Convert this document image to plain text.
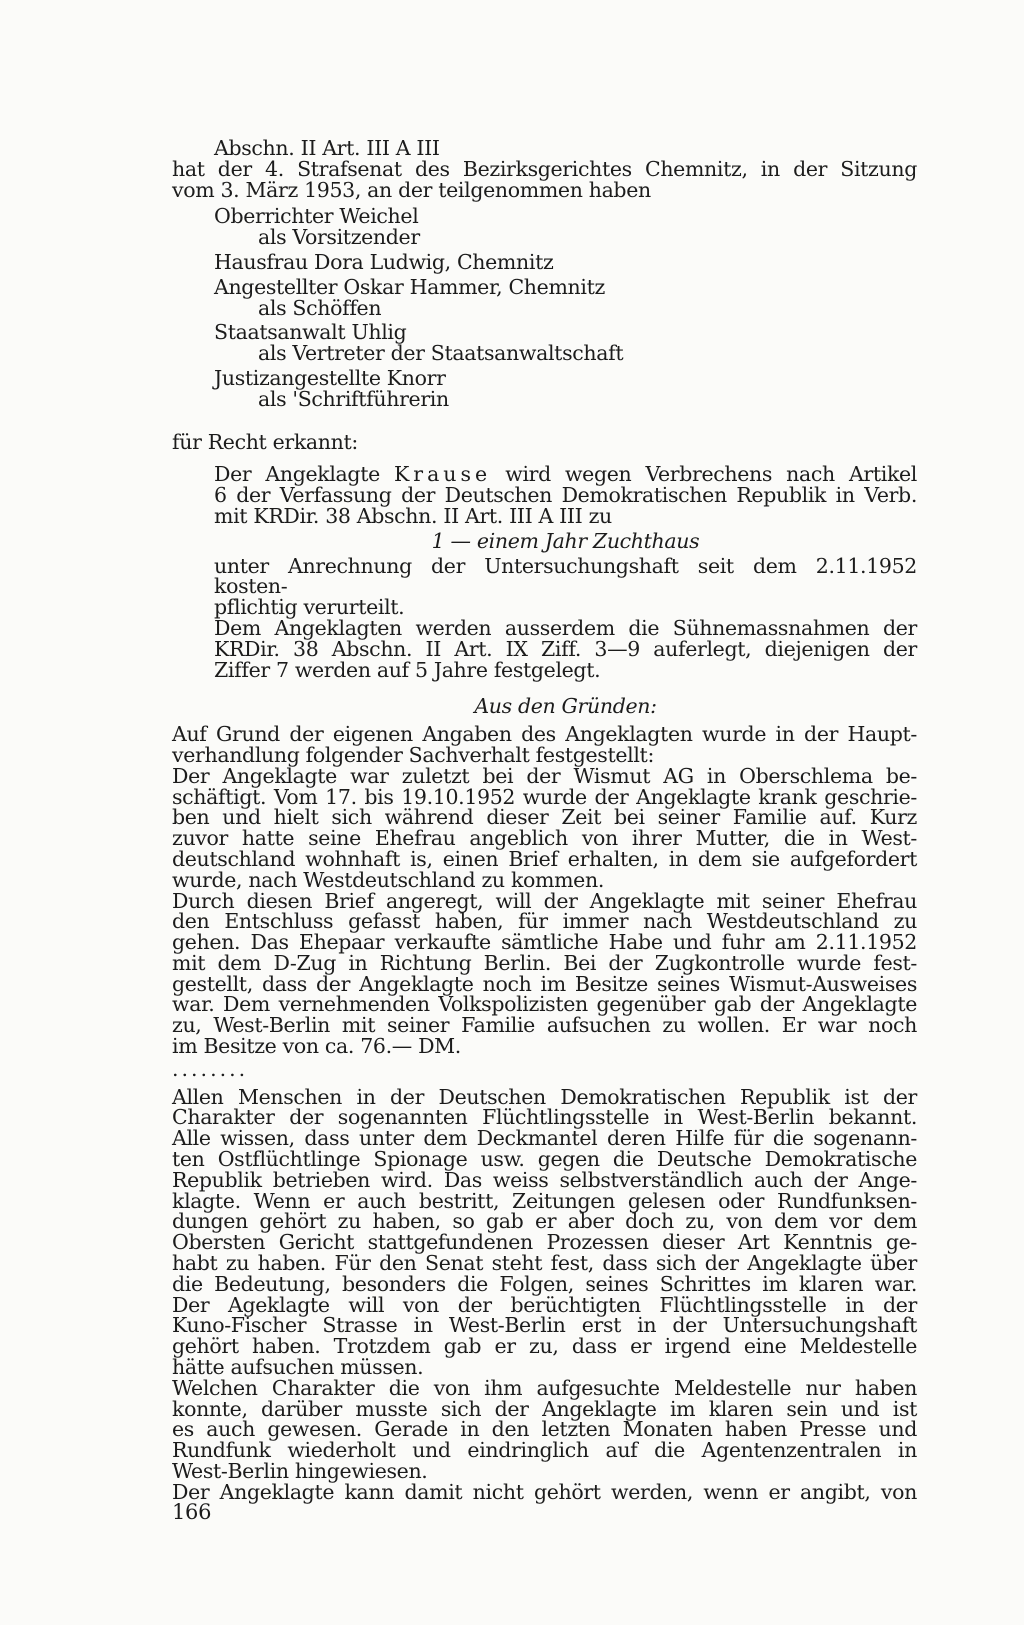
Abschn. II Art. III A III

hat der 4. Strafsenat des Bezirksgerichtes Chemnitz, in der Sitzung

vom 3. März 1953, an der teilgenommen haben

Oberrichter Weichel

als Vorsitzender

Hausfrau Dora Ludwig, Chemnitz

Angestellter Oskar Hammer, Chemnitz

als Schöffen

Staatsanwalt Uhlig

als Vertreter der Staatsanwaltschaft

Justizangestellte Knorr

als 'Schriftführerin

für Recht erkannt:

Der Angeklagte Krause wird wegen Verbrechens nach Artikel

6 der Verfassung der Deutschen Demokratischen Republik in Verb.

mit KRDir. 38 Abschn. II Art. III A III zu

1 — einem Jahr Zuchthaus

unter Anrechnung der Untersuchungshaft seit dem 2.11.1952 kosten-

pflichtig verurteilt.

Dem Angeklagten werden ausserdem die Sühnemassnahmen der

KRDir. 38 Abschn. II Art. IX Ziff. 3—9 auferlegt, diejenigen der

Ziffer 7 werden auf 5 Jahre festgelegt.

Aus den Gründen:

Auf Grund der eigenen Angaben des Angeklagten wurde in der Haupt-

verhandlung folgender Sachverhalt festgestellt:

Der Angeklagte war zuletzt bei der Wismut AG in Oberschlema be-

schäftigt. Vom 17. bis 19.10.1952 wurde der Angeklagte krank geschrie-

ben und hielt sich während dieser Zeit bei seiner Familie auf. Kurz

zuvor hatte seine Ehefrau angeblich von ihrer Mutter, die in West-

deutschland wohnhaft is, einen Brief erhalten, in dem sie aufgefordert

wurde, nach Westdeutschland zu kommen.

Durch diesen Brief angeregt, will der Angeklagte mit seiner Ehefrau

den Entschluss gefasst haben, für immer nach Westdeutschland zu

gehen. Das Ehepaar verkaufte sämtliche Habe und fuhr am 2.11.1952

mit dem D-Zug in Richtung Berlin. Bei der Zugkontrolle wurde fest-

gestellt, dass der Angeklagte noch im Besitze seines Wismut-Ausweises

war. Dem vernehmenden Volkspolizisten gegenüber gab der Angeklagte

zu, West-Berlin mit seiner Familie aufsuchen zu wollen. Er war noch

im Besitze von ca. 76.— DM.

........

Allen Menschen in der Deutschen Demokratischen Republik ist der

Charakter der sogenannten Flüchtlingsstelle in West-Berlin bekannt.

Alle wissen, dass unter dem Deckmantel deren Hilfe für die sogenann-

ten Ostflüchtlinge Spionage usw. gegen die Deutsche Demokratische

Republik betrieben wird. Das weiss selbstverständlich auch der Ange-

klagte. Wenn er auch bestritt, Zeitungen gelesen oder Rundfunksen-

dungen gehört zu haben, so gab er aber doch zu, von dem vor dem

Obersten Gericht stattgefundenen Prozessen dieser Art Kenntnis ge-

habt zu haben. Für den Senat steht fest, dass sich der Angeklagte über

die Bedeutung, besonders die Folgen, seines Schrittes im klaren war.

Der Ageklagte will von der berüchtigten Flüchtlingsstelle in der

Kuno-Fischer Strasse in West-Berlin erst in der Untersuchungshaft

gehört haben. Trotzdem gab er zu, dass er irgend eine Meldestelle

hätte aufsuchen müssen.

Welchen Charakter die von ihm aufgesuchte Meldestelle nur haben

konnte, darüber musste sich der Angeklagte im klaren sein und ist

es auch gewesen. Gerade in den letzten Monaten haben Presse und

Rundfunk wiederholt und eindringlich auf die Agentenzentralen in

West-Berlin hingewiesen.

Der Angeklagte kann damit nicht gehört werden, wenn er angibt, von

166
